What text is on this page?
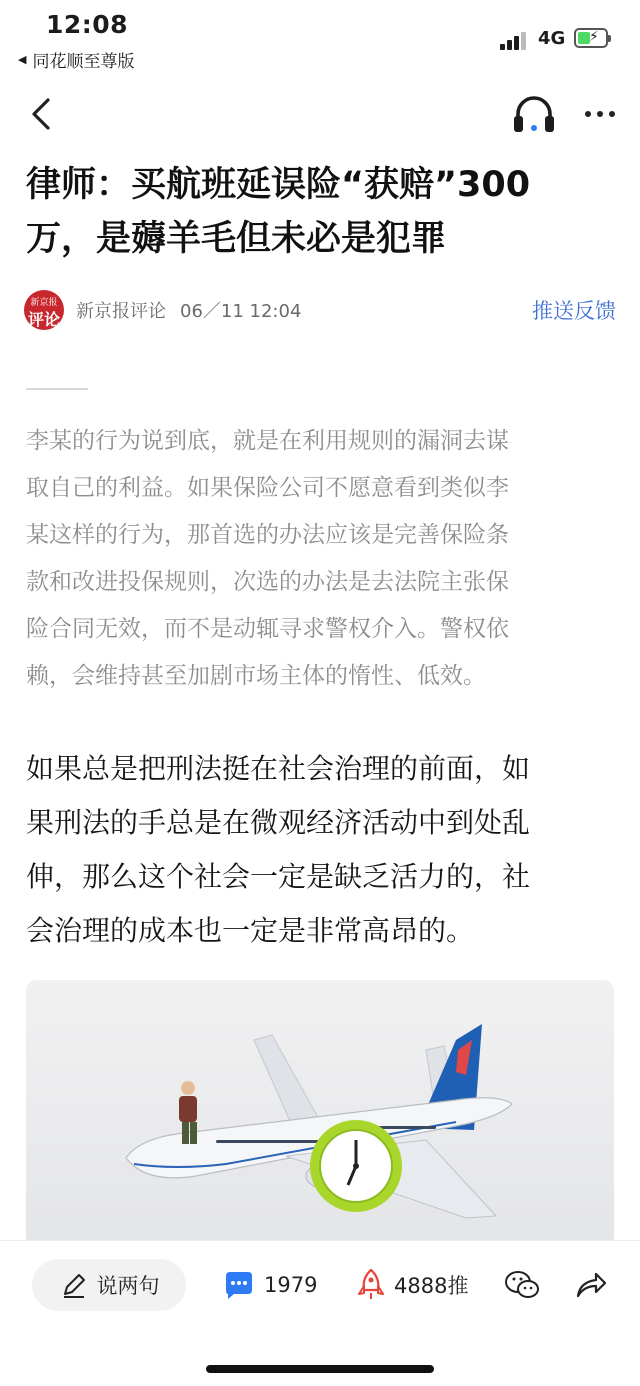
12:08
◀ 同花顺至尊版
4G ⚡
律师：买航班延误险“获赔”300
万，是薅羊毛但未必是犯罪
新京报
评论 新京报评论 06／11 12:04	推送反馈
李某的行为说到底，就是在利用规则的漏洞去谋
取自己的利益。如果保险公司不愿意看到类似李
某这样的行为，那首选的办法应该是完善保险条
款和改进投保规则，次选的办法是去法院主张保
险合同无效，而不是动辄寻求警权介入。警权依
赖，会维持甚至加剧市场主体的惰性、低效。
如果总是把刑法挺在社会治理的前面，如
果刑法的手总是在微观经济活动中到处乱
伸，那么这个社会一定是缺乏活力的，社
会治理的成本也一定是非常高昂的。
说两句	1979	4888推
